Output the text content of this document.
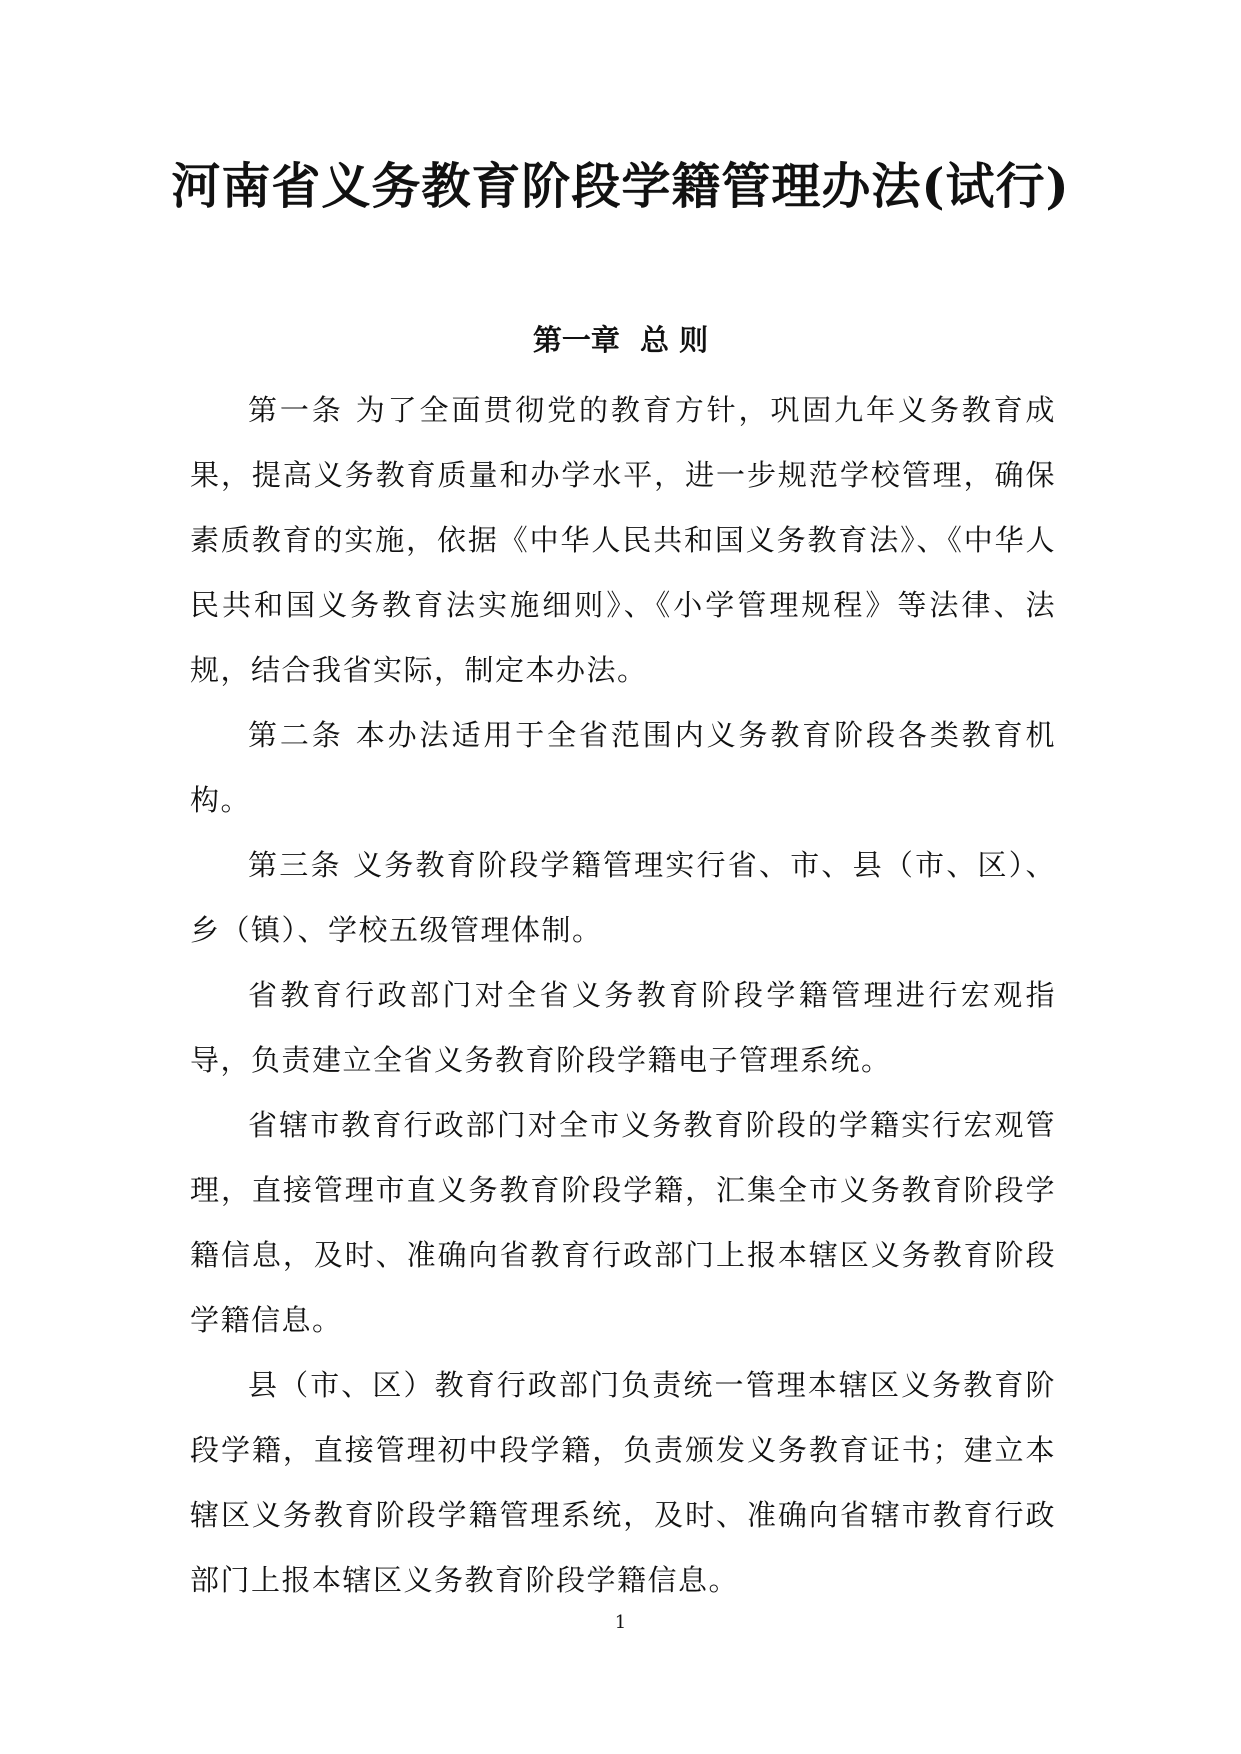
河南省义务教育阶段学籍管理办法(试行)
第一章  总 则

第一条 为了全面贯彻党的教育方针，巩固九年义务教育成果，提高义务教育质量和办学水平，进一步规范学校管理，确保素质教育的实施，依据《中华人民共和国义务教育法》、《中华人民共和国义务教育法实施细则》、《小学管理规程》等法律、法规，结合我省实际，制定本办法。

第二条 本办法适用于全省范围内义务教育阶段各类教育机构。

第三条 义务教育阶段学籍管理实行省、市、县（市、区）、乡（镇）、学校五级管理体制。

省教育行政部门对全省义务教育阶段学籍管理进行宏观指导，负责建立全省义务教育阶段学籍电子管理系统。

省辖市教育行政部门对全市义务教育阶段的学籍实行宏观管理，直接管理市直义务教育阶段学籍，汇集全市义务教育阶段学籍信息，及时、准确向省教育行政部门上报本辖区义务教育阶段学籍信息。

县（市、区）教育行政部门负责统一管理本辖区义务教育阶段学籍，直接管理初中段学籍，负责颁发义务教育证书；建立本辖区义务教育阶段学籍管理系统，及时、准确向省辖市教育行政部门上报本辖区义务教育阶段学籍信息。

1
